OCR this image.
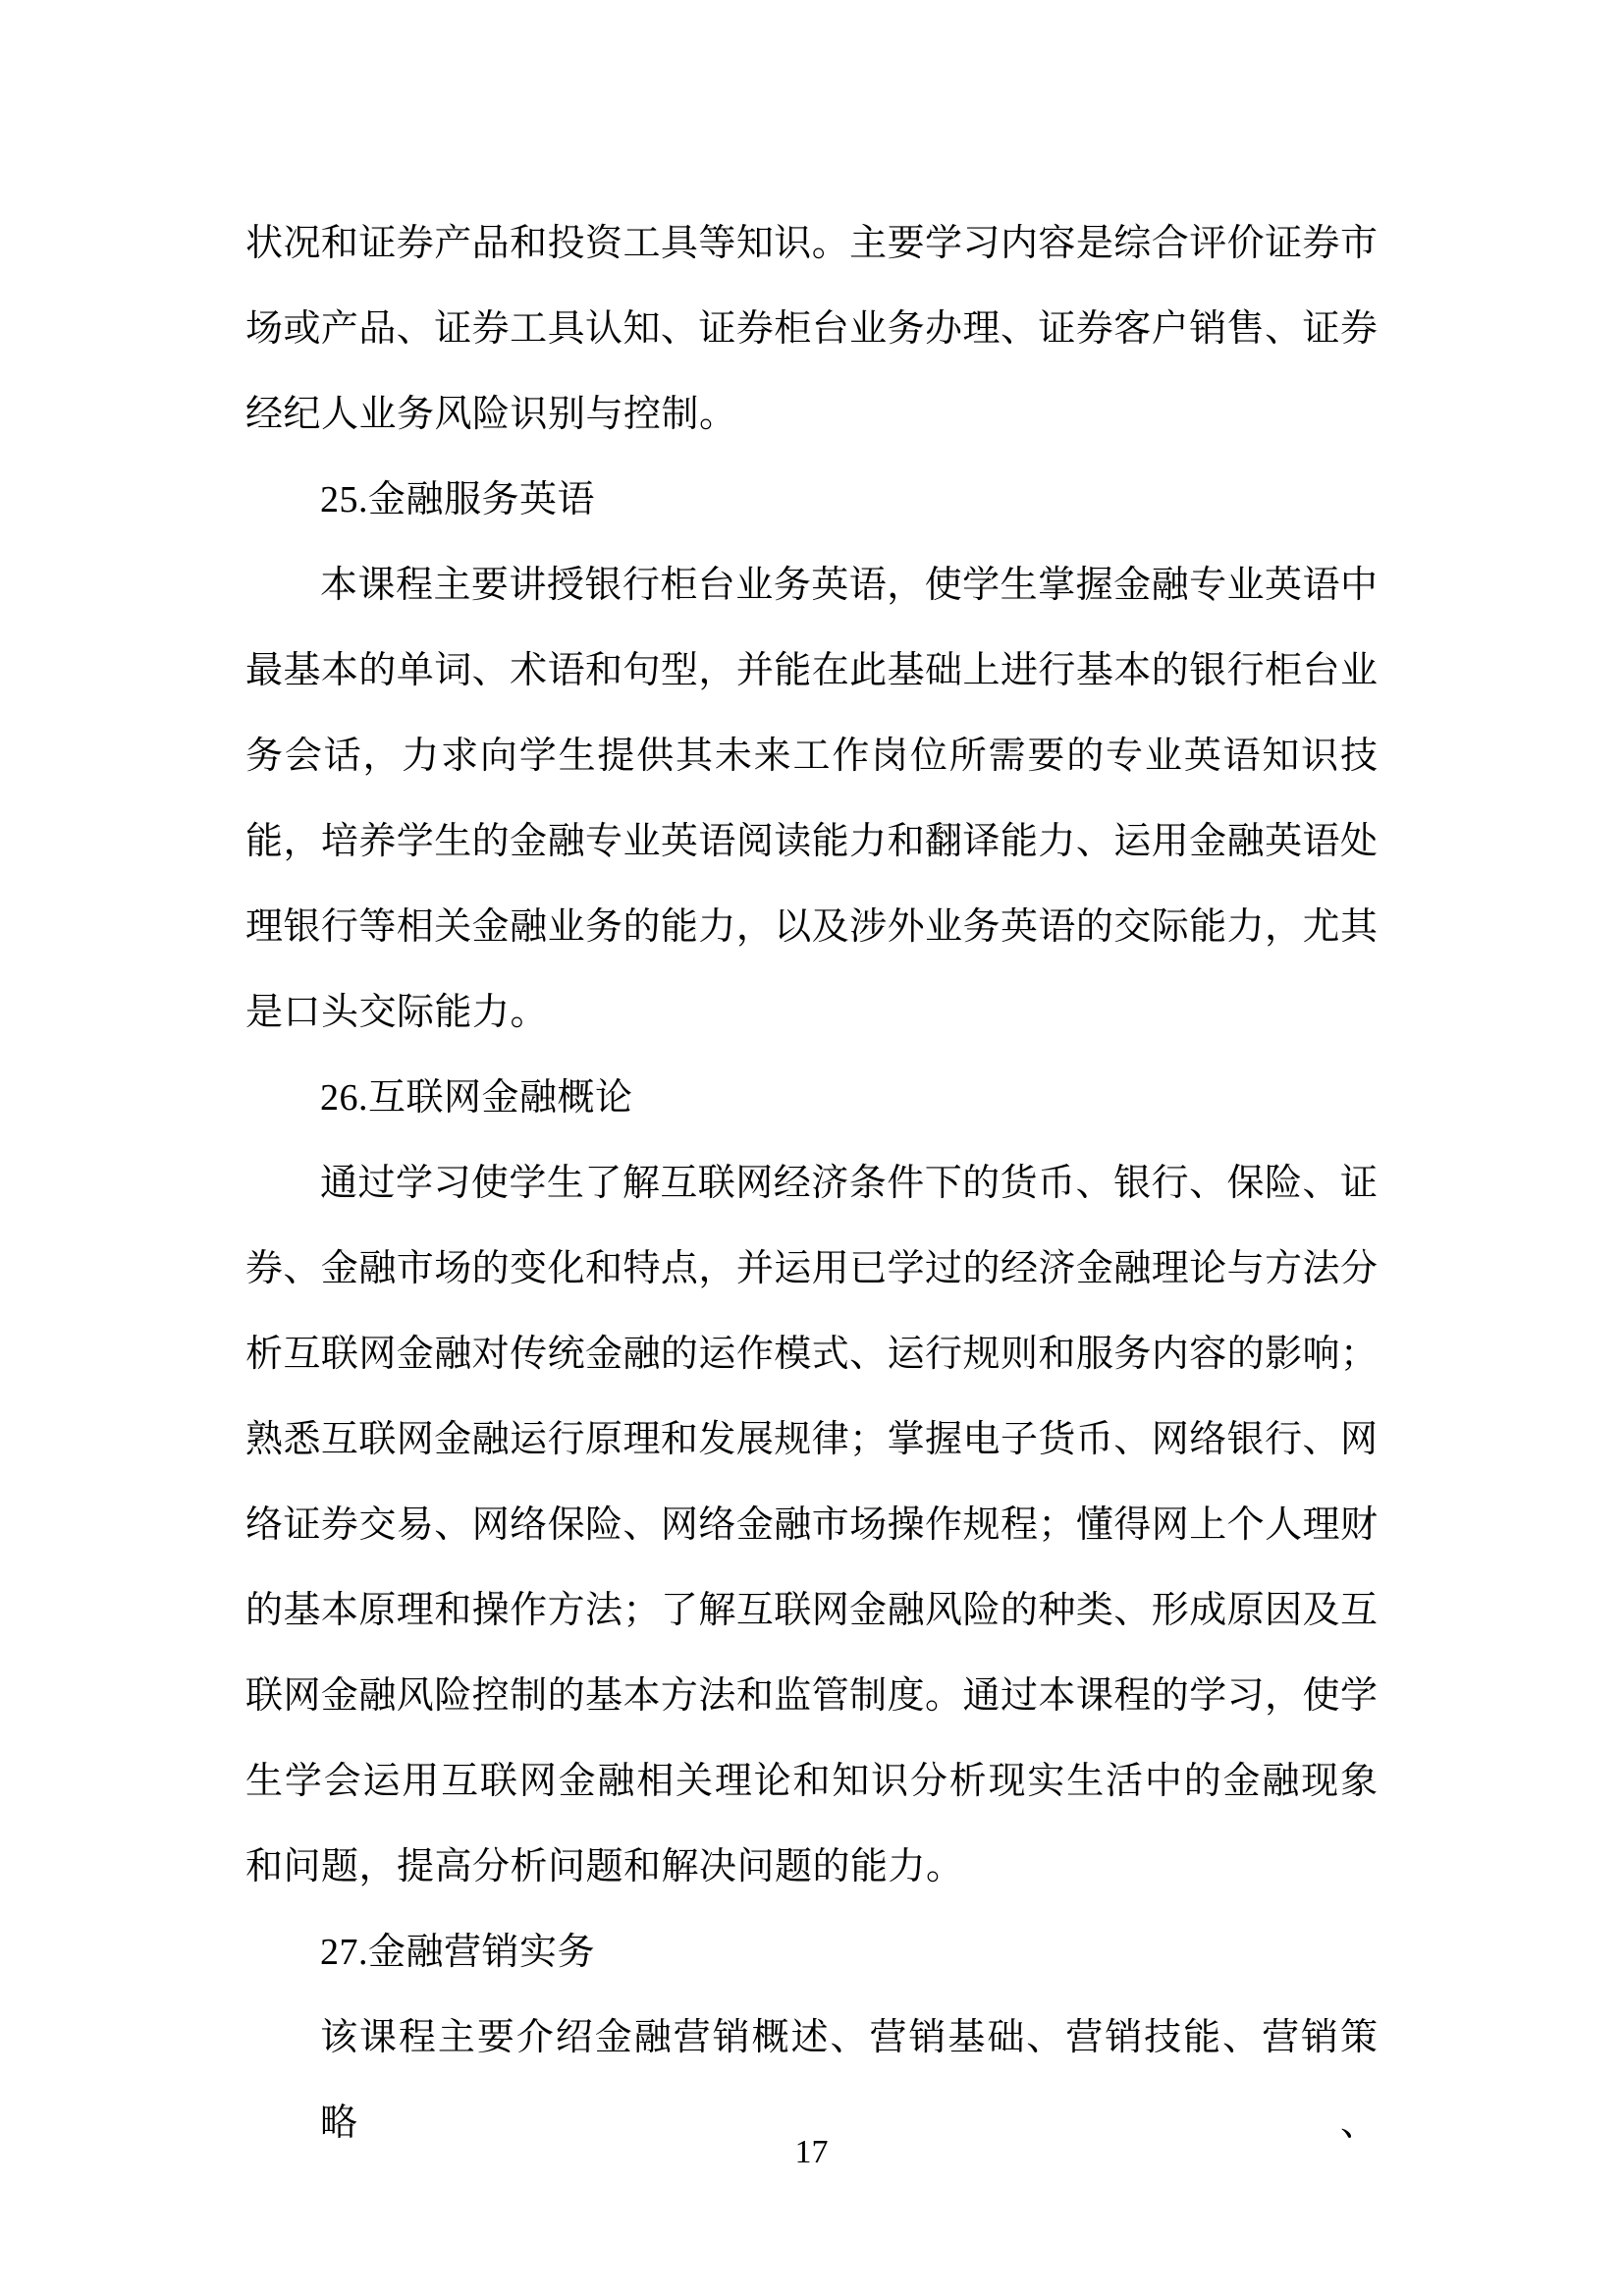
状况和证券产品和投资工具等知识。主要学习内容是综合评价证券市
场或产品、证券工具认知、证券柜台业务办理、证券客户销售、证券
经纪人业务风险识别与控制。
25.金融服务英语
本课程主要讲授银行柜台业务英语，使学生掌握金融专业英语中
最基本的单词、术语和句型，并能在此基础上进行基本的银行柜台业
务会话，力求向学生提供其未来工作岗位所需要的专业英语知识技
能，培养学生的金融专业英语阅读能力和翻译能力、运用金融英语处
理银行等相关金融业务的能力，以及涉外业务英语的交际能力，尤其
是口头交际能力。
26.互联网金融概论
通过学习使学生了解互联网经济条件下的货币、银行、保险、证
券、金融市场的变化和特点，并运用已学过的经济金融理论与方法分
析互联网金融对传统金融的运作模式、运行规则和服务内容的影响；
熟悉互联网金融运行原理和发展规律；掌握电子货币、网络银行、网
络证券交易、网络保险、网络金融市场操作规程；懂得网上个人理财
的基本原理和操作方法；了解互联网金融风险的种类、形成原因及互
联网金融风险控制的基本方法和监管制度。通过本课程的学习，使学
生学会运用互联网金融相关理论和知识分析现实生活中的金融现象
和问题，提高分析问题和解决问题的能力。
27.金融营销实务
该课程主要介绍金融营销概述、营销基础、营销技能、营销策略、
17
